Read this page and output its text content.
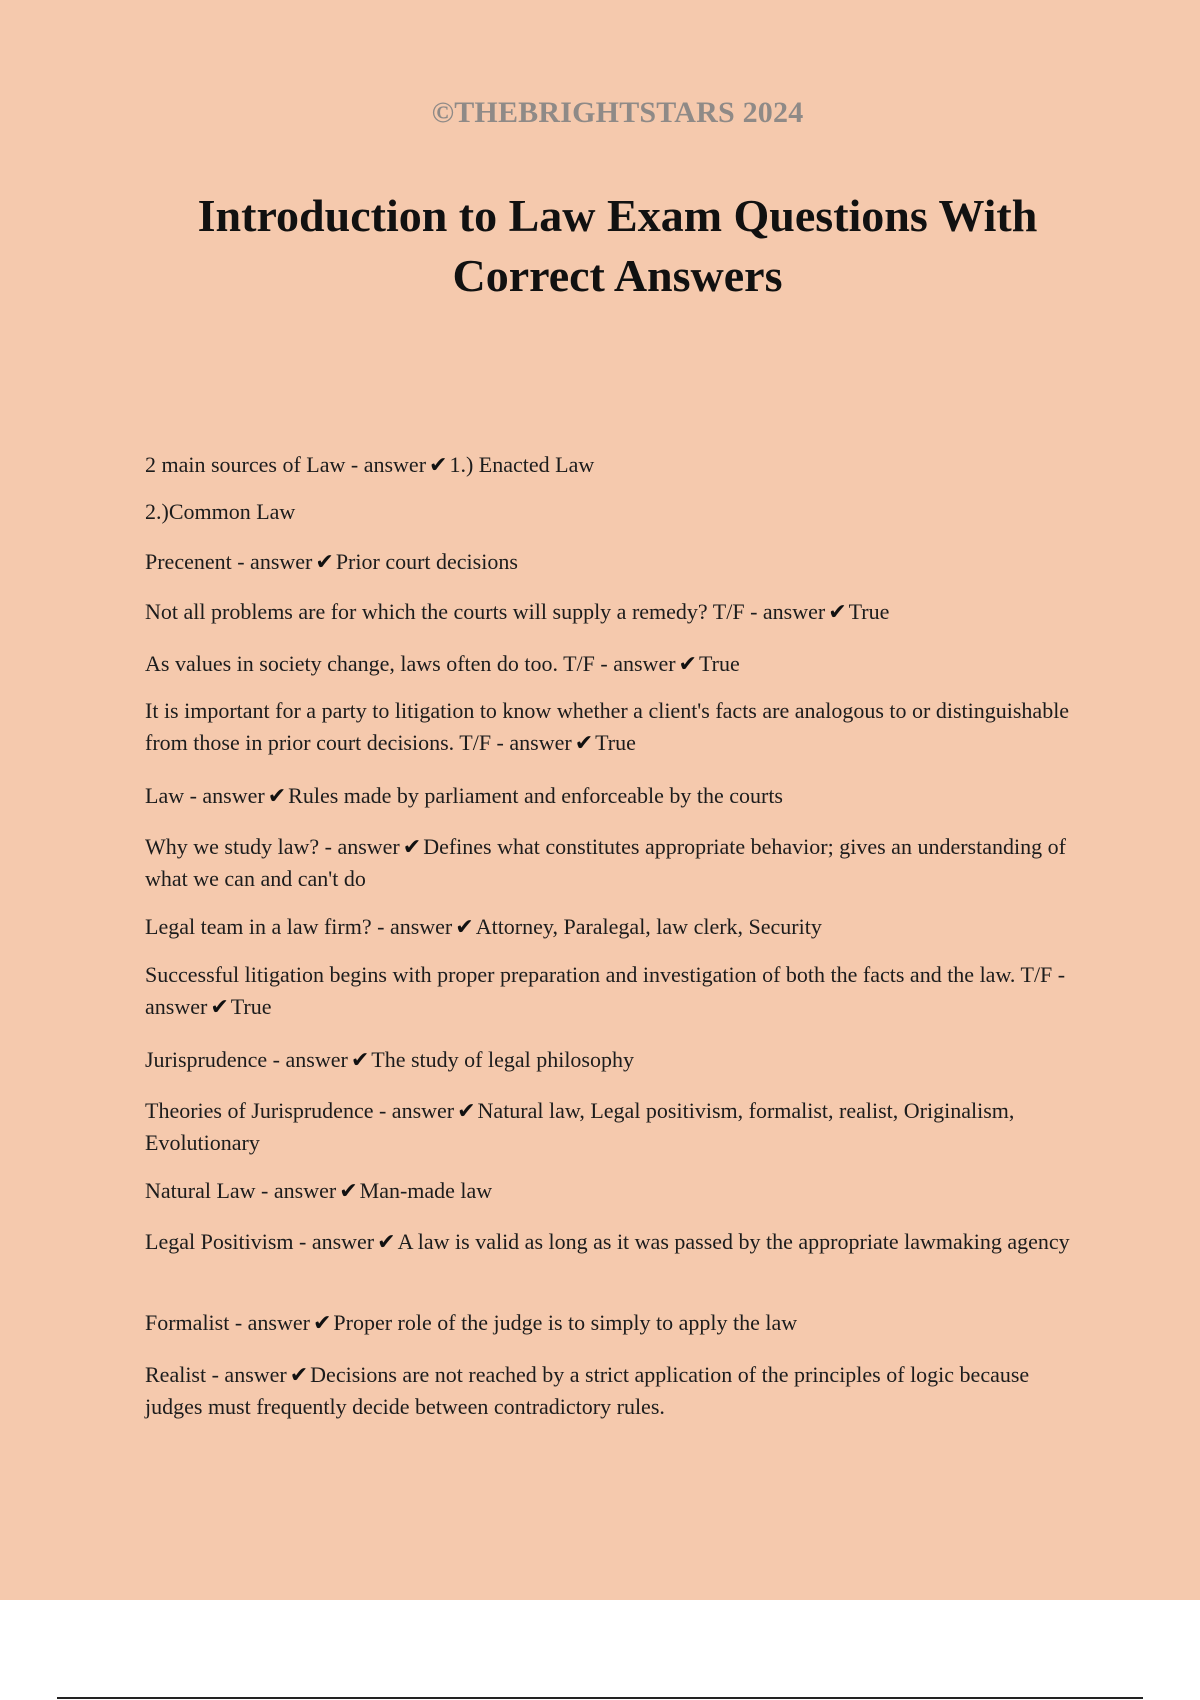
©THEBRIGHTSTARS 2024
Introduction to Law Exam Questions With Correct Answers

2 main sources of Law - answer ✔1.) Enacted Law

2.)Common Law

Precenent - answer ✔Prior court decisions

Not all problems are for which the courts will supply a remedy? T/F - answer ✔True

As values in society change, laws often do too. T/F - answer ✔True

It is important for a party to litigation to know whether a client's facts are analogous to or distinguishable from those in prior court decisions. T/F - answer ✔True

Law - answer ✔Rules made by parliament and enforceable by the courts

Why we study law? - answer ✔Defines what constitutes appropriate behavior; gives an understanding of what we can and can't do

Legal team in a law firm? - answer ✔Attorney, Paralegal, law clerk, Security

Successful litigation begins with proper preparation and investigation of both the facts and the law. T/F - answer ✔True

Jurisprudence - answer ✔The study of legal philosophy

Theories of Jurisprudence - answer ✔Natural law, Legal positivism, formalist, realist, Originalism, Evolutionary

Natural Law - answer ✔Man-made law

Legal Positivism - answer ✔A law is valid as long as it was passed by the appropriate lawmaking agency

Formalist - answer ✔Proper role of the judge is to simply to apply the law

Realist - answer ✔Decisions are not reached by a strict application of the principles of logic because judges must frequently decide between contradictory rules.
